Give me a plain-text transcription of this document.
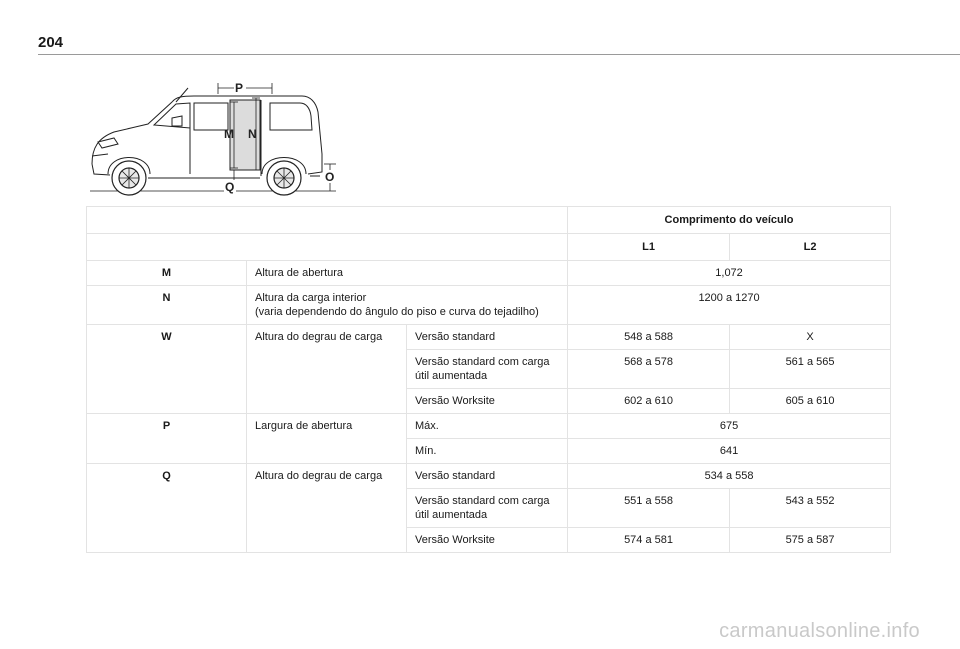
204
P
M N
Q
O
			Comprimento do veículo	
			L1	L2
M	Altura de abertura		1,072	
N	Altura da carga interior
(varia dependendo do ângulo do piso e curva do tejadilho)		1200 a 1270	
W	Altura do degrau de carga	Versão standard	548 a 588	X
		Versão standard com carga útil aumentada	568 a 578	561 a 565
		Versão Worksite	602 a 610	605 a 610
P	Largura de abertura	Máx.	675	
		Mín.	641	
Q	Altura do degrau de carga	Versão standard	534 a 558	
		Versão standard com carga útil aumentada	551 a 558	543 a 552
		Versão Worksite	574 a 581	575 a 587
carmanualsonline.info
